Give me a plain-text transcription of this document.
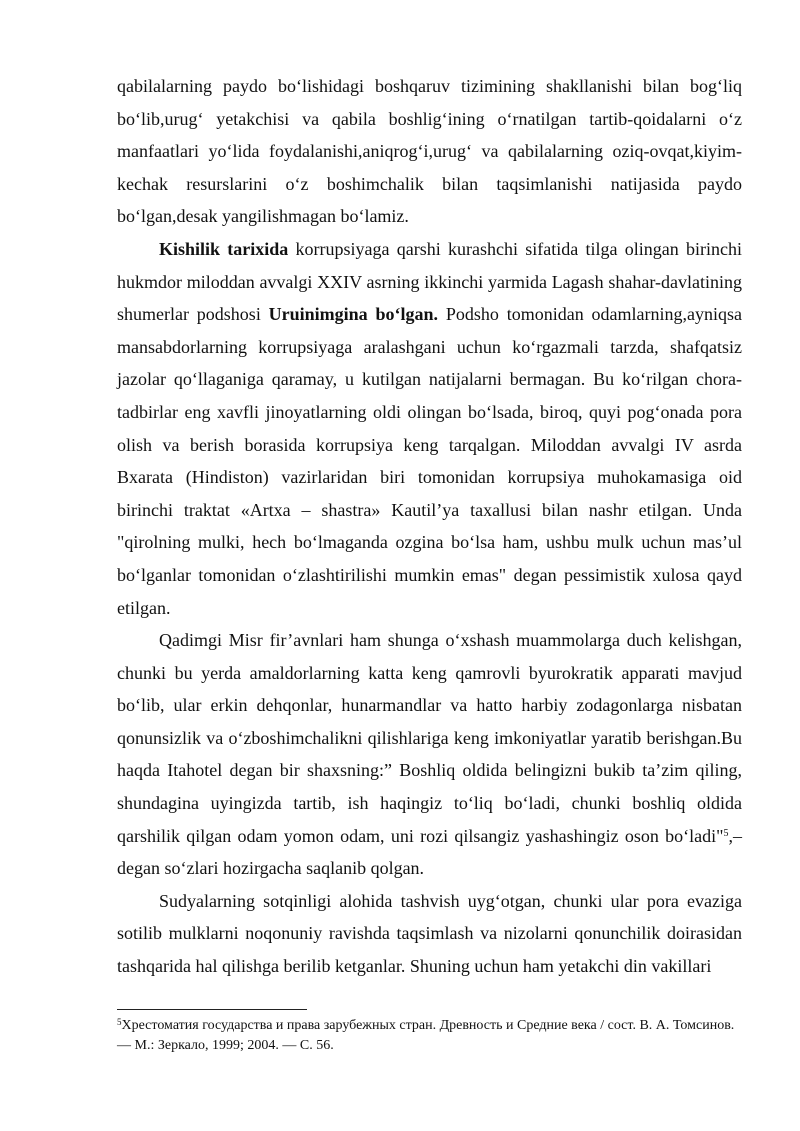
qabilalarning paydo bo‘lishidagi boshqaruv tizimining shakllanishi bilan bog‘liq bo‘lib,urug‘ yetakchisi va qabila boshlig‘ining o‘rnatilgan tartib-qoidalarni o‘z manfaatlari yo‘lida foydalanishi,aniqrog‘i,urug‘ va qabilalarning oziq-ovqat,kiyim-kechak resurslarini o‘z boshimchalik bilan taqsimlanishi natijasida paydo bo‘lgan,desak yangilishmagan bo‘lamiz.

Kishilik tarixida korrupsiyaga qarshi kurashchi sifatida tilga olingan birinchi hukmdor miloddan avvalgi XXIV asrning ikkinchi yarmida Lagash shahar-davlatining shumerlar podshosi Uruinimgina bo‘lgan. Podsho tomonidan odamlarning,ayniqsa mansabdorlarning korrupsiyaga aralashgani uchun ko‘rgazmali tarzda, shafqatsiz jazolar qo‘llaganiga qaramay, u kutilgan natijalarni bermagan. Bu ko‘rilgan chora-tadbirlar eng xavfli jinoyatlarning oldi olingan bo‘lsada, biroq, quyi pog‘onada pora olish va berish borasida korrupsiya keng tarqalgan. Miloddan avvalgi IV asrda Bxarata (Hindiston) vazirlaridan biri tomonidan korrupsiya muhokamasiga oid birinchi traktat «Artxa – shastra» Kautil’ya taxallusi bilan nashr etilgan. Unda "qirolning mulki, hech bo‘lmaganda ozgina bo‘lsa ham, ushbu mulk uchun mas’ul bo‘lganlar tomonidan o‘zlashtirilishi mumkin emas" degan pessimistik xulosa qayd etilgan.

Qadimgi Misr fir’avnlari ham shunga o‘xshash muammolarga duch kelishgan, chunki bu yerda amaldorlarning katta keng qamrovli byurokratik apparati mavjud bo‘lib, ular erkin dehqonlar, hunarmandlar va hatto harbiy zodagonlarga nisbatan qonunsizlik va o‘zboshimchalikni qilishlariga keng imkoniyatlar yaratib berishgan.Bu haqda Itahotel degan bir shaxsning:” Boshliq oldida belingizni bukib ta’zim qiling, shundagina uyingizda tartib, ish haqingiz to‘liq bo‘ladi, chunki boshliq oldida qarshilik qilgan odam yomon odam, uni rozi qilsangiz yashashingiz oson bo‘ladi"$^5$,– degan so‘zlari hozirgacha saqlanib qolgan.

Sudyalarning sotqinligi alohida tashvish uyg‘otgan, chunki ular pora evaziga sotilib mulklarni noqonuniy ravishda taqsimlash va nizolarni qonunchilik doirasidan tashqarida hal qilishga berilib ketganlar. Shuning uchun ham yetakchi din vakillari

$^5$Хрестоматия государства и права зарубежных стран. Древность и Средние века / сост. В. А. Томсинов. — М.: Зеркало, 1999; 2004. — С. 56.
